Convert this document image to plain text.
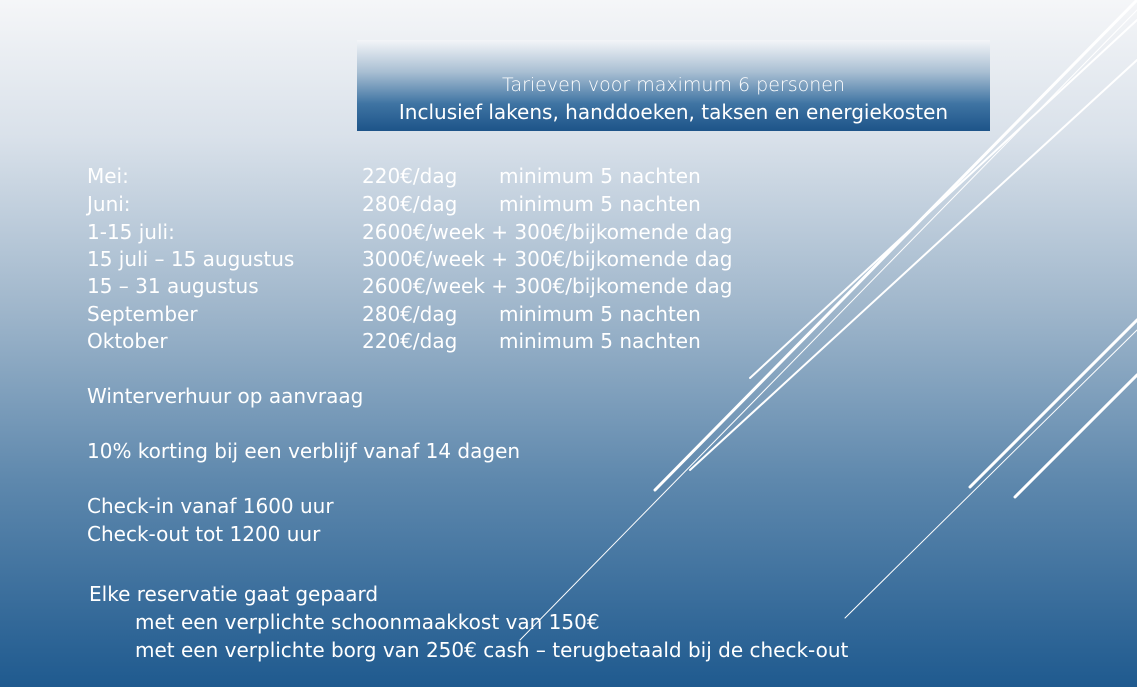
Tarieven voor maximum 6 personen
Inclusief lakens, handdoeken, taksen en energiekosten
Mei:	220€/dag minimum 5 nachten
Juni:	280€/dag minimum 5 nachten
1-15 juli:	2600€/week + 300€/bijkomende dag
15 juli – 15 augustus	3000€/week + 300€/bijkomende dag
15 – 31 augustus	2600€/week + 300€/bijkomende dag
September	280€/dag minimum 5 nachten
Oktober	220€/dag minimum 5 nachten
Winterverhuur op aanvraag
10% korting bij een verblijf vanaf 14 dagen
Check-in vanaf 1600 uur
Check-out tot 1200 uur
Elke reservatie gaat gepaard
met een verplichte schoonmaakkost van 150€
met een verplichte borg van 250€ cash – terugbetaald bij de check-out
